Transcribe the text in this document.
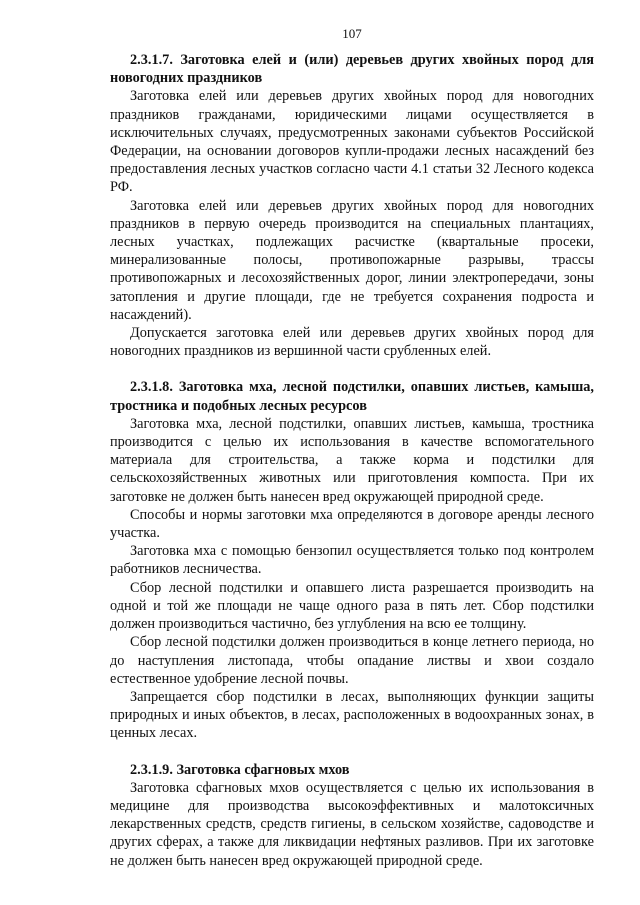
107

2.3.1.7. Заготовка елей и (или) деревьев других хвойных пород для новогодних праздников

Заготовка елей или деревьев других хвойных пород для новогодних праздников гражданами, юридическими лицами осуществляется в исключительных случаях, предусмотренных законами субъектов Российской Федерации, на основании договоров купли-продажи лесных насаждений без предоставления лесных участков согласно части 4.1 статьи 32 Лесного кодекса РФ.

Заготовка елей или деревьев других хвойных пород для новогодних праздников в первую очередь производится на специальных плантациях, лесных участках, подлежащих расчистке (квартальные просеки, минерализованные полосы, противопожарные разрывы, трассы противопожарных и лесохозяйственных дорог, линии электропередачи, зоны затопления и другие площади, где не требуется сохранения подроста и насаждений).

Допускается заготовка елей или деревьев других хвойных пород для новогодних праздников из вершинной части срубленных елей.

2.3.1.8. Заготовка мха, лесной подстилки, опавших листьев, камыша, тростника и подобных лесных ресурсов

Заготовка мха, лесной подстилки, опавших листьев, камыша, тростника производится с целью их использования в качестве вспомогательного материала для строительства, а также корма и подстилки для сельскохозяйственных животных или приготовления компоста. При их заготовке не должен быть нанесен вред окружающей природной среде.

Способы и нормы заготовки мха определяются в договоре аренды лесного участка.

Заготовка мха с помощью бензопил осуществляется только под контролем работников лесничества.

Сбор лесной подстилки и опавшего листа разрешается производить на одной и той же площади не чаще одного раза в пять лет. Сбор подстилки должен производиться частично, без углубления на всю ее толщину.

Сбор лесной подстилки должен производиться в конце летнего периода, но до наступления листопада, чтобы опадание листвы и хвои создало естественное удобрение лесной почвы.

Запрещается сбор подстилки в лесах, выполняющих функции защиты природных и иных объектов, в лесах, расположенных в водоохранных зонах, в ценных лесах.

2.3.1.9. Заготовка сфагновых мхов

Заготовка сфагновых мхов осуществляется с целью их использования в медицине для производства высокоэффективных и малотоксичных лекарственных средств, средств гигиены, в сельском хозяйстве, садоводстве и других сферах, а также для ликвидации нефтяных разливов. При их заготовке не должен быть нанесен вред окружающей природной среде.
